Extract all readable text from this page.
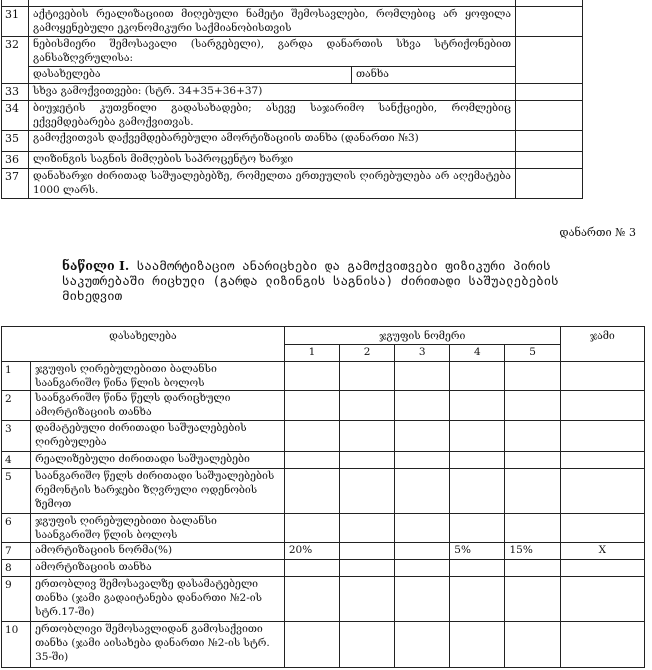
31	აქტივების რეალიზაციით მიღებული ნამეტი შემოსავლები, რომლებიც არ ყოფილა გამოყენებული ეკონომიკური საქმიანობისთვის		
32	ნებისმიერი შემოსავალი (სარგებელი), გარდა დანართის სხვა სტრიქონებით განსაზღვრულისა:		
	დასახელება	თანხა	
33	სხვა გამოქვითვები: (სტრ. 34+35+36+37)		
34	ბიუჯეტის კუთვნილი გადასახადები; ასევე საჯარიმო სანქციები, რომლებიც ექვემდებარება გამოქვითვას.		
35	გამოქვითვას დაქვემდებარებული ამორტიზაციის თანხა (დანართი №3)		
36	ლიზინგის საგნის მიმღების საპროცენტო ხარჯი		
37	დანახარჯი ძირითად საშუალებებზე, რომელთა ერთეულის ღირებულება არ აღემატება 1000 ლარს.		
დანართი № 3
ნაწილი I. საამორტიზაციო ანარიცხები და გამოქვითვები ფიზიკური პირის საკუთრებაში რიცხული (გარდა ლიზინგის საგნისა) ძირითადი საშუალებების მიხედვით
დასახელება		ჯგუფის ნომერი					ჯამი
		1	2	3	4	5	
1	ჯგუფის ღირებულებითი ბალანსი საანგარიშო წინა წლის ბოლოს						
2	საანგარიშო წინა წელს დარიცხული ამორტიზაციის თანხა						
3	დამატებული ძირითადი საშუალებების ღირებულება						
4	რეალიზებული ძირითადი საშუალებები						
5	საანგარიშო წელს ძირითადი საშუალებების რემონტის ხარჯები ზღვრული ოდენობის ზემოთ						
6	ჯგუფის ღირებულებითი ბალანსი საანგარიშო წლის ბოლოს						
7	ამორტიზაციის ნორმა(%)	20%			5%	15%	X
8	ამორტიზაციის თანხა						
9	ერთობლივ შემოსავალზე დასამატებელი თანხა (ჯამი გადაიტანება დანართი №2-ის სტრ.17-ში)						
10	ერთობლივი შემოსავლიდან გამოსაქვითი თანხა (ჯამი აისახება დანართი №2-ის სტრ. 35-ში)						
